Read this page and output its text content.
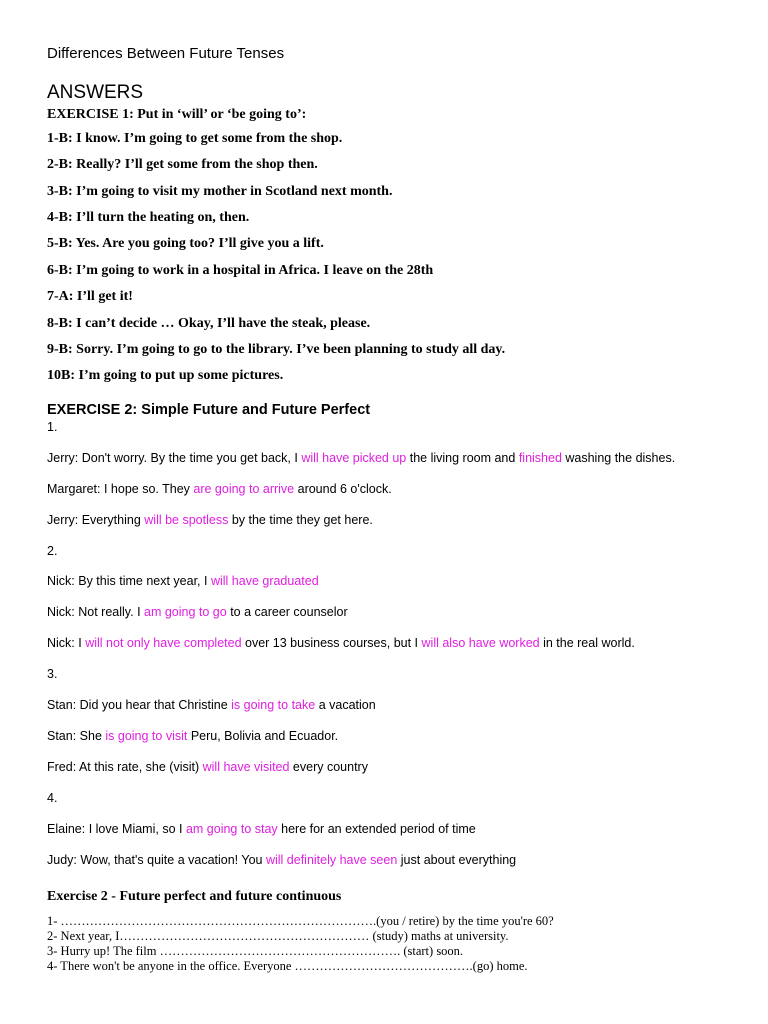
Differences Between Future Tenses
ANSWERS
EXERCISE 1: Put in ‘will’ or ‘be going to’:
1-B: I know. I’m going to get some from the shop.
2-B: Really? I’ll get some from the shop then.
3-B: I’m going to visit my mother in Scotland next month.
4-B: I’ll turn the heating on, then.
5-B: Yes. Are you going too? I’ll give you a lift.
6-B: I’m going to work in a hospital in Africa. I leave on the 28th
7-A: I’ll get it!
8-B: I can’t decide … Okay, I’ll have the steak, please.
9-B: Sorry. I’m going to go to the library. I’ve been planning to study all day.
10B: I’m going to put up some pictures.
EXERCISE 2: Simple Future and Future Perfect
1.
Jerry: Don't worry. By the time you get back, I will have picked up the living room and finished washing the dishes.
Margaret: I hope so. They are going to arrive around 6 o'clock.
Jerry: Everything will be spotless by the time they get here.
2.
Nick: By this time next year, I will have graduated
Nick: Not really. I am going to go to a career counselor
Nick: I will not only have completed over 13 business courses, but I will also have worked in the real world.
3.
Stan: Did you hear that Christine is going to take a vacation
Stan: She is going to visit Peru, Bolivia and Ecuador.
Fred: At this rate, she (visit) will have visited every country
4.
Elaine: I love Miami, so I am going to stay here for an extended period of time
Judy: Wow, that's quite a vacation! You will definitely have seen just about everything
Exercise 2 - Future perfect and future continuous
1- ………………………………………………………………….(you / retire) by the time you're 60?
2- Next year, I…………………………………………………… (study) maths at university.
3- Hurry up! The film …………………………………………………. (start) soon.
4- There won't be anyone in the office. Everyone …………………………………….(go) home.
